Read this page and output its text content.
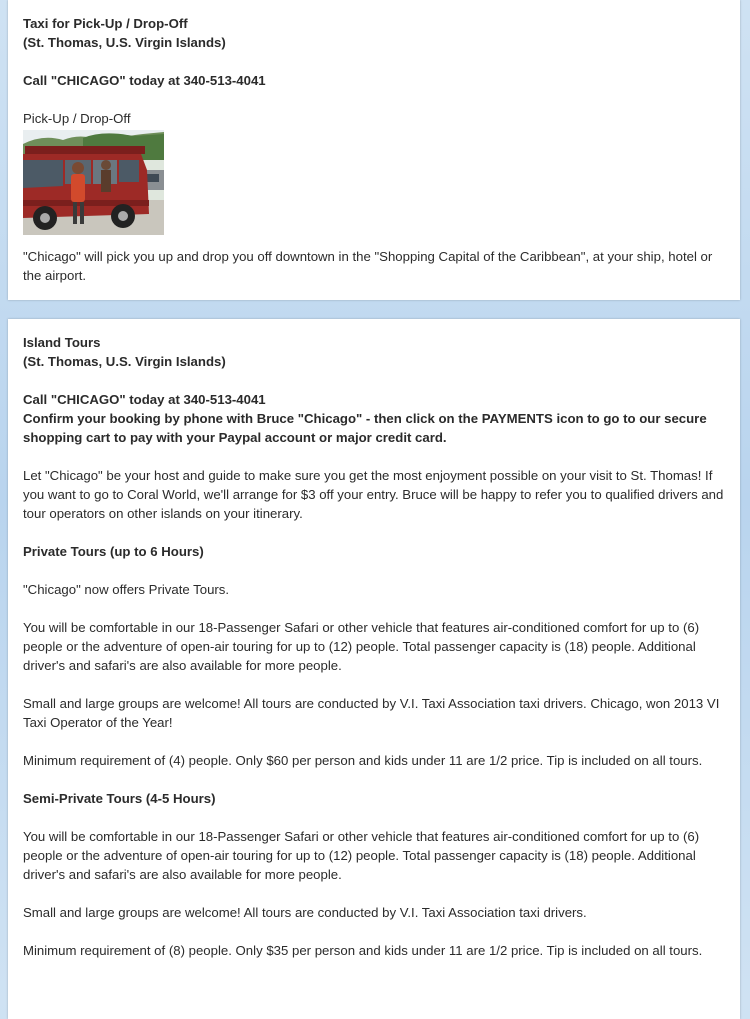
Taxi for Pick-Up / Drop-Off

(St. Thomas, U.S. Virgin Islands)

Call "CHICAGO" today at 340-513-4041

Pick-Up / Drop-Off

"Chicago" will pick you up and drop you off downtown in the "Shopping Capital of the Caribbean", at your ship, hotel or the airport.

Island Tours

(St. Thomas, U.S. Virgin Islands)

Call "CHICAGO" today at 340-513-4041

Confirm your booking by phone with Bruce "Chicago" - then click on the PAYMENTS icon to go to our secure shopping cart to pay with your Paypal account or major credit card.

Let "Chicago" be your host and guide to make sure you get the most enjoyment possible on your visit to St. Thomas! If you want to go to Coral World, we'll arrange for $3 off your entry. Bruce will be happy to refer you to qualified drivers and tour operators on other islands on your itinerary.

Private Tours (up to 6 Hours)

"Chicago" now offers Private Tours.

You will be comfortable in our 18-Passenger Safari or other vehicle that features air-conditioned comfort for up to (6) people or the adventure of open-air touring for up to (12) people. Total passenger capacity is (18) people. Additional driver's and safari's are also available for more people.

Small and large groups are welcome! All tours are conducted by V.I. Taxi Association taxi drivers. Chicago, won 2013 VI Taxi Operator of the Year!

Minimum requirement of (4) people. Only $60 per person and kids under 11 are 1/2 price. Tip is included on all tours.

Semi-Private Tours (4-5 Hours)

You will be comfortable in our 18-Passenger Safari or other vehicle that features air-conditioned comfort for up to (6) people or the adventure of open-air touring for up to (12) people. Total passenger capacity is (18) people. Additional driver's and safari's are also available for more people.

Small and large groups are welcome! All tours are conducted by V.I. Taxi Association taxi drivers.

Minimum requirement of (8) people. Only $35 per person and kids under 11 are 1/2 price. Tip is included on all tours.
